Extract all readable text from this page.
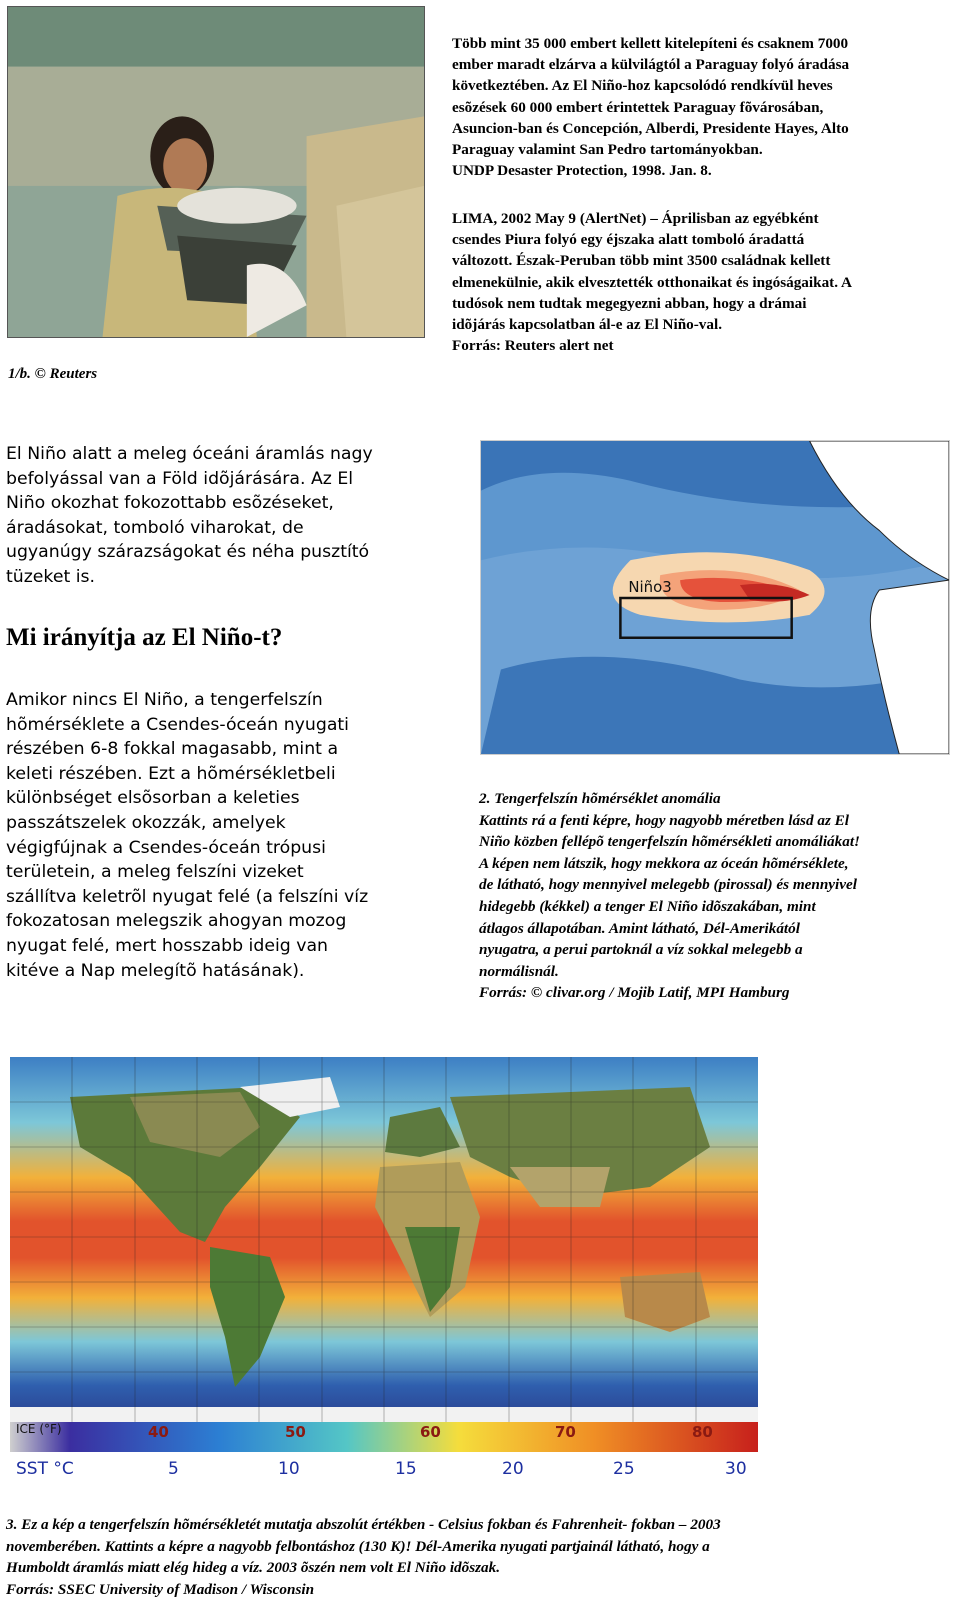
1/b. © Reuters
Több mint 35 000 embert kellett kitelepíteni és csaknem 7000
ember maradt elzárva a külvilágtól a Paraguay folyó áradása
következtében. Az El Niño-hoz kapcsolódó rendkívül heves
esõzések 60 000 embert érintettek Paraguay fõvárosában,
Asuncion-ban és Concepción, Alberdi, Presidente Hayes, Alto
Paraguay valamint San Pedro tartományokban.
UNDP Desaster Protection, 1998. Jan. 8.
LIMA, 2002 May 9 (AlertNet) – Áprilisban az egyébként
csendes Piura folyó egy éjszaka alatt tomboló áradattá
változott. Észak-Peruban több mint 3500 családnak kellett
elmenekülnie, akik elvesztették otthonaikat és ingóságaikat. A
tudósok nem tudtak megegyezni abban, hogy a drámai
idõjárás kapcsolatban ál-e az El Niño-val.
Forrás: Reuters alert net
El Niño alatt a meleg óceáni áramlás nagy
befolyással van a Föld idõjárására. Az El
Niño okozhat fokozottabb esõzéseket,
áradásokat, tomboló viharokat, de
ugyanúgy szárazságokat és néha pusztító
tüzeket is.
Mi irányítja az El Niño-t?
Amikor nincs El Niño, a tengerfelszín
hõmérséklete a Csendes-óceán nyugati
részében 6-8 fokkal magasabb, mint a
keleti részében. Ezt a hõmérsékletbeli
különbséget elsõsorban a keleties
passzátszelek okozzák, amelyek
végigfújnak a Csendes-óceán trópusi
területein, a meleg felszíni vizeket
szállítva keletrõl nyugat felé (a felszíni víz
fokozatosan melegszik ahogyan mozog
nyugat felé, mert hosszabb ideig van
kitéve a Nap melegítõ hatásának).
Niño3
2. Tengerfelszín hõmérséklet anomália
Kattints rá a fenti képre, hogy nagyobb méretben lásd az El
Niño közben fellépõ tengerfelszín hõmérsékleti anomáliákat!
A képen nem látszik, hogy mekkora az óceán hõmérséklete,
de látható, hogy mennyivel melegebb (pirossal) és mennyivel
hidegebb (kékkel) a tenger El Niño idõszakában, mint
átlagos állapotában. Amint látható, Dél-Amerikától
nyugatra, a perui partoknál a víz sokkal melegebb a
normálisnál.
Forrás: © clivar.org / Mojib Latif, MPI Hamburg
ICE (°F)	40	50	60	70	80
SST °C	5	10	15	20	25	30
3. Ez a kép a tengerfelszín hõmérsékletét mutatja abszolút értékben - Celsius fokban és Fahrenheit- fokban – 2003
novemberében. Kattints a képre a nagyobb felbontáshoz (130 K)! Dél-Amerika nyugati partjainál látható, hogy a
Humboldt áramlás miatt elég hideg a víz. 2003 õszén nem volt El Niño idõszak.
Forrás: SSEC University of Madison / Wisconsin
